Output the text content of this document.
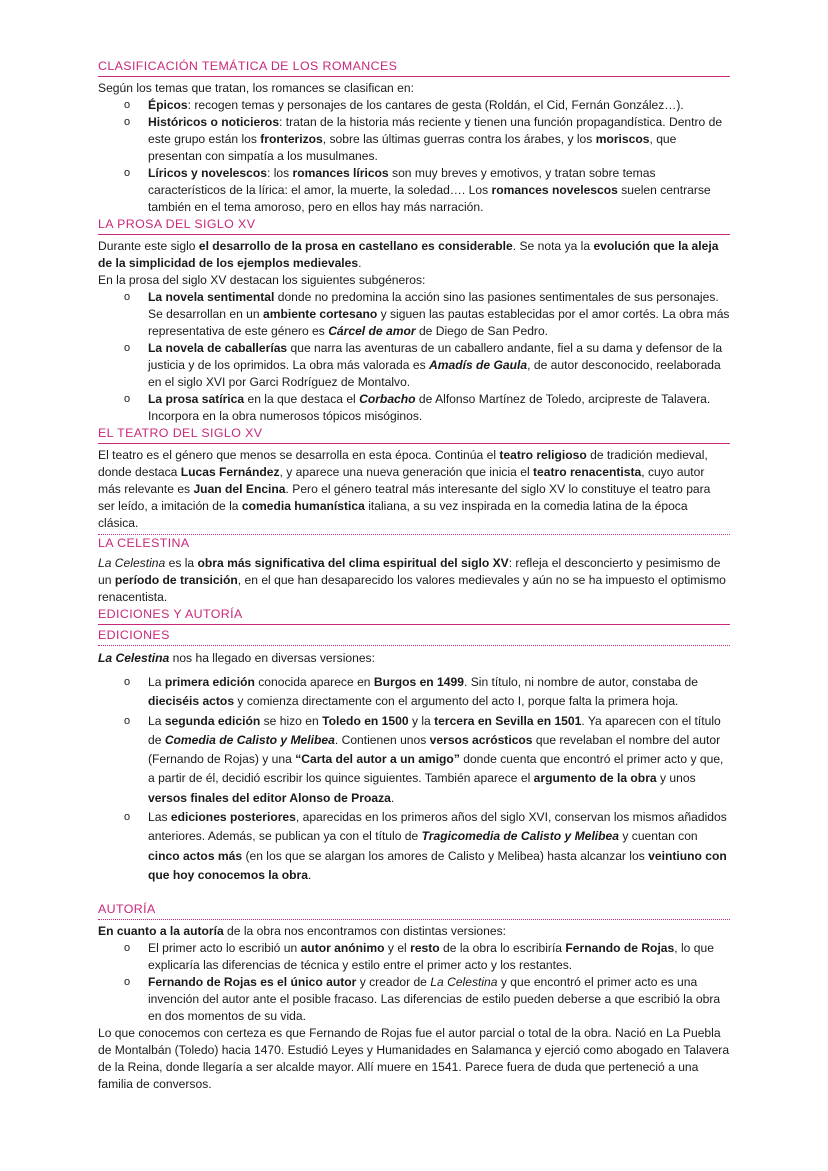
CLASIFICACIÓN TEMÁTICA DE LOS ROMANCES

Según los temas que tratan, los romances se clasifican en:

o Épicos: recogen temas y personajes de los cantares de gesta (Roldán, el Cid, Fernán González…).
o Históricos o noticieros: tratan de la historia más reciente y tienen una función propagandística. Dentro de este grupo están los fronterizos, sobre las últimas guerras contra los árabes, y los moriscos, que presentan con simpatía a los musulmanes.
o Líricos y novelescos: los romances líricos son muy breves y emotivos, y tratan sobre temas característicos de la lírica: el amor, la muerte, la soledad…. Los romances novelescos suelen centrarse también en el tema amoroso, pero en ellos hay más narración.
LA PROSA DEL SIGLO XV

Durante este siglo el desarrollo de la prosa en castellano es considerable. Se nota ya la evolución que la aleja de la simplicidad de los ejemplos medievales.

En la prosa del siglo XV destacan los siguientes subgéneros:

o La novela sentimental donde no predomina la acción sino las pasiones sentimentales de sus personajes. Se desarrollan en un ambiente cortesano y siguen las pautas establecidas por el amor cortés. La obra más representativa de este género es Cárcel de amor de Diego de San Pedro.
o La novela de caballerías que narra las aventuras de un caballero andante, fiel a su dama y defensor de la justicia y de los oprimidos. La obra más valorada es Amadís de Gaula, de autor desconocido, reelaborada en el siglo XVI por Garci Rodríguez de Montalvo.
o La prosa satírica en la que destaca el Corbacho de Alfonso Martínez de Toledo, arcipreste de Talavera. Incorpora en la obra numerosos tópicos misóginos.
EL TEATRO DEL SIGLO XV

El teatro es el género que menos se desarrolla en esta época. Continúa el teatro religioso de tradición medieval, donde destaca Lucas Fernández, y aparece una nueva generación que inicia el teatro renacentista, cuyo autor más relevante es Juan del Encina. Pero el género teatral más interesante del siglo XV lo constituye el teatro para ser leído, a imitación de la comedia humanística italiana, a su vez inspirada en la comedia latina de la época clásica.

LA CELESTINA

La Celestina es la obra más significativa del clima espiritual del siglo XV: refleja el desconcierto y pesimismo de un período de transición, en el que han desaparecido los valores medievales y aún no se ha impuesto el optimismo renacentista.

EDICIONES Y AUTORÍA
EDICIONES

La Celestina nos ha llegado en diversas versiones:

o La primera edición conocida aparece en Burgos en 1499. Sin título, ni nombre de autor, constaba de dieciséis actos y comienza directamente con el argumento del acto I, porque falta la primera hoja.
o La segunda edición se hizo en Toledo en 1500 y la tercera en Sevilla en 1501. Ya aparecen con el título de Comedia de Calisto y Melibea. Contienen unos versos acrósticos que revelaban el nombre del autor (Fernando de Rojas) y una “Carta del autor a un amigo” donde cuenta que encontró el primer acto y que, a partir de él, decidió escribir los quince siguientes. También aparece el argumento de la obra y unos versos finales del editor Alonso de Proaza.
o Las ediciones posteriores, aparecidas en los primeros años del siglo XVI, conservan los mismos añadidos anteriores. Además, se publican ya con el título de Tragicomedia de Calisto y Melibea y cuentan con cinco actos más (en los que se alargan los amores de Calisto y Melibea) hasta alcanzar los veintiuno con que hoy conocemos la obra.
AUTORÍA

En cuanto a la autoría de la obra nos encontramos con distintas versiones:

o El primer acto lo escribió un autor anónimo y el resto de la obra lo escribiría Fernando de Rojas, lo que explicaría las diferencias de técnica y estilo entre el primer acto y los restantes.
o Fernando de Rojas es el único autor y creador de La Celestina y que encontró el primer acto es una invención del autor ante el posible fracaso. Las diferencias de estilo pueden deberse a que escribió la obra en dos momentos de su vida.

Lo que conocemos con certeza es que Fernando de Rojas fue el autor parcial o total de la obra. Nació en La Puebla de Montalbán (Toledo) hacia 1470. Estudió Leyes y Humanidades en Salamanca y ejerció como abogado en Talavera de la Reina, donde llegaría a ser alcalde mayor. Allí muere en 1541. Parece fuera de duda que perteneció a una familia de conversos.
